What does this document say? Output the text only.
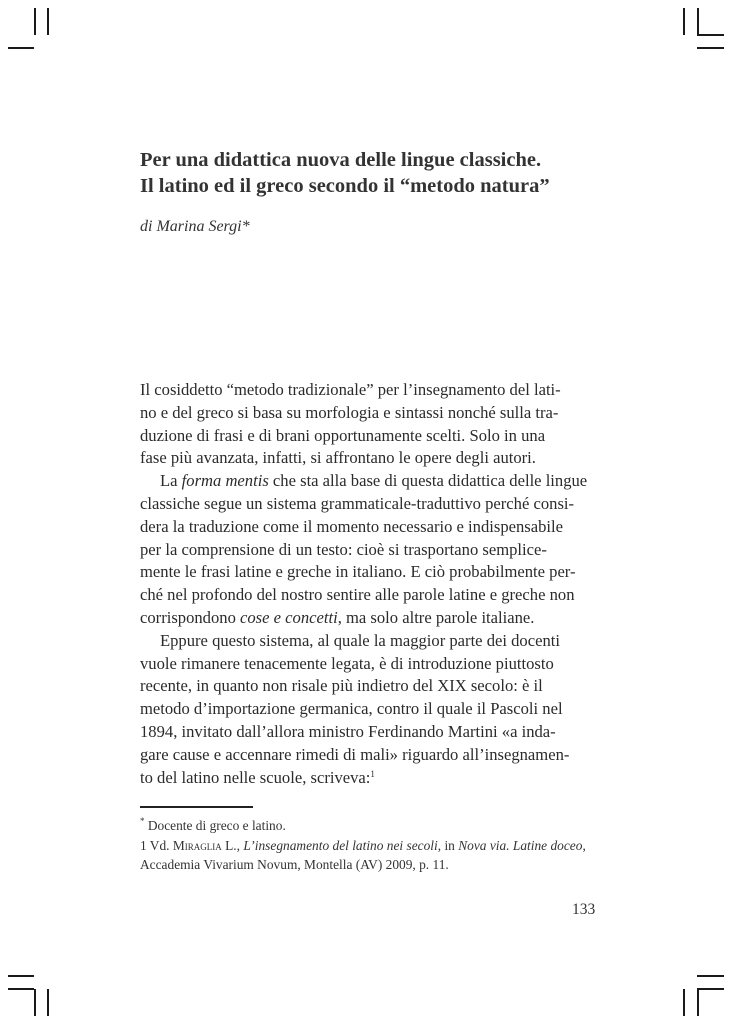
Per una didattica nuova delle lingue classiche.
Il latino ed il greco secondo il “metodo natura”
di Marina Sergi*
Il cosiddetto “metodo tradizionale” per l’insegnamento del lati-
no e del greco si basa su morfologia e sintassi nonché sulla tra-
duzione di frasi e di brani opportunamente scelti. Solo in una
fase più avanzata, infatti, si affrontano le opere degli autori.
La forma mentis che sta alla base di questa didattica delle lingue
classiche segue un sistema grammaticale-traduttivo perché consi-
dera la traduzione come il momento necessario e indispensabile
per la comprensione di un testo: cioè si trasportano semplice-
mente le frasi latine e greche in italiano. E ciò probabilmente per-
ché nel profondo del nostro sentire alle parole latine e greche non
corrispondono cose e concetti, ma solo altre parole italiane.
Eppure questo sistema, al quale la maggior parte dei docenti
vuole rimanere tenacemente legata, è di introduzione piuttosto
recente, in quanto non risale più indietro del XIX secolo: è il
metodo d’importazione germanica, contro il quale il Pascoli nel
1894, invitato dall’allora ministro Ferdinando Martini «a inda-
gare cause e accennare rimedi di mali» riguardo all’insegnamen-
to del latino nelle scuole, scriveva:$^1$
* Docente di greco e latino.
1 Vd. Miraglia L., L’insegnamento del latino nei secoli, in Nova via. Latine doceo,
Accademia Vivarium Novum, Montella (AV) 2009, p. 11.
133
